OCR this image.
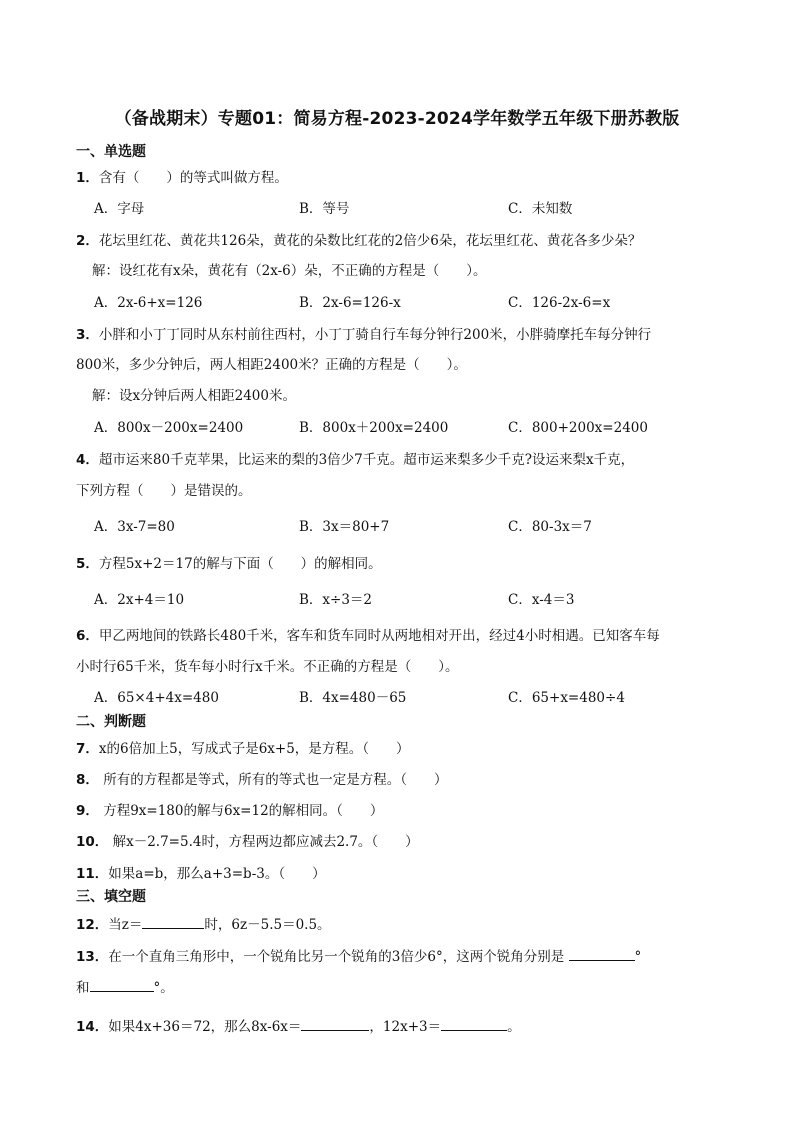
（备战期末）专题01：简易方程-2023-2024学年数学五年级下册苏教版
一、单选题
1．含有（　　）的等式叫做方程。
A．字母	B．等号	C．未知数
2．花坛里红花、黄花共126朵，黄花的朵数比红花的2倍少6朵，花坛里红花、黄花各多少朵？
解：设红花有x朵，黄花有（2x-6）朵，不正确的方程是（　　）。
A．2x-6+x=126	B．2x-6=126-x	C．126-2x-6=x
3．小胖和小丁丁同时从东村前往西村，小丁丁骑自行车每分钟行200米，小胖骑摩托车每分钟行
800米，多少分钟后，两人相距2400米？正确的方程是（　　）。
解：设x分钟后两人相距2400米。
A．800x－200x=2400	B．800x＋200x=2400	C．800+200x=2400
4．超市运来80千克苹果，比运来的梨的3倍少7千克。超市运来梨多少千克?设运来梨x千克，
下列方程（　　）是错误的。
A．3x-7=80	B．3x＝80+7	C．80-3x＝7
5．方程5x+2＝17的解与下面（　　）的解相同。
A．2x+4＝10	B．x÷3＝2	C．x-4＝3
6．甲乙两地间的铁路长480千米，客车和货车同时从两地相对开出，经过4小时相遇。已知客车每
小时行65千米，货车每小时行x千米。不正确的方程是（　　）。
A．65×4+4x=480	B．4x=480－65	C．65+x=480÷4
二、判断题
7．x的6倍加上5，写成式子是6x+5，是方程。（　　）
8． 所有的方程都是等式，所有的等式也一定是方程。（　　）
9． 方程9x=180的解与6x=12的解相同。（　　）
10． 解x－2.7=5.4时，方程两边都应减去2.7。（　　）
11．如果a=b，那么a+3=b-3。（　　）
三、填空题
12．当z＝	时，6z－5.5＝0.5。
13．在一个直角三角形中，一个锐角比另一个锐角的3倍少6°，这两个锐角分别是	°
和	°。
14．如果4x+36＝72，那么8x-6x＝	，12x+3＝	。
